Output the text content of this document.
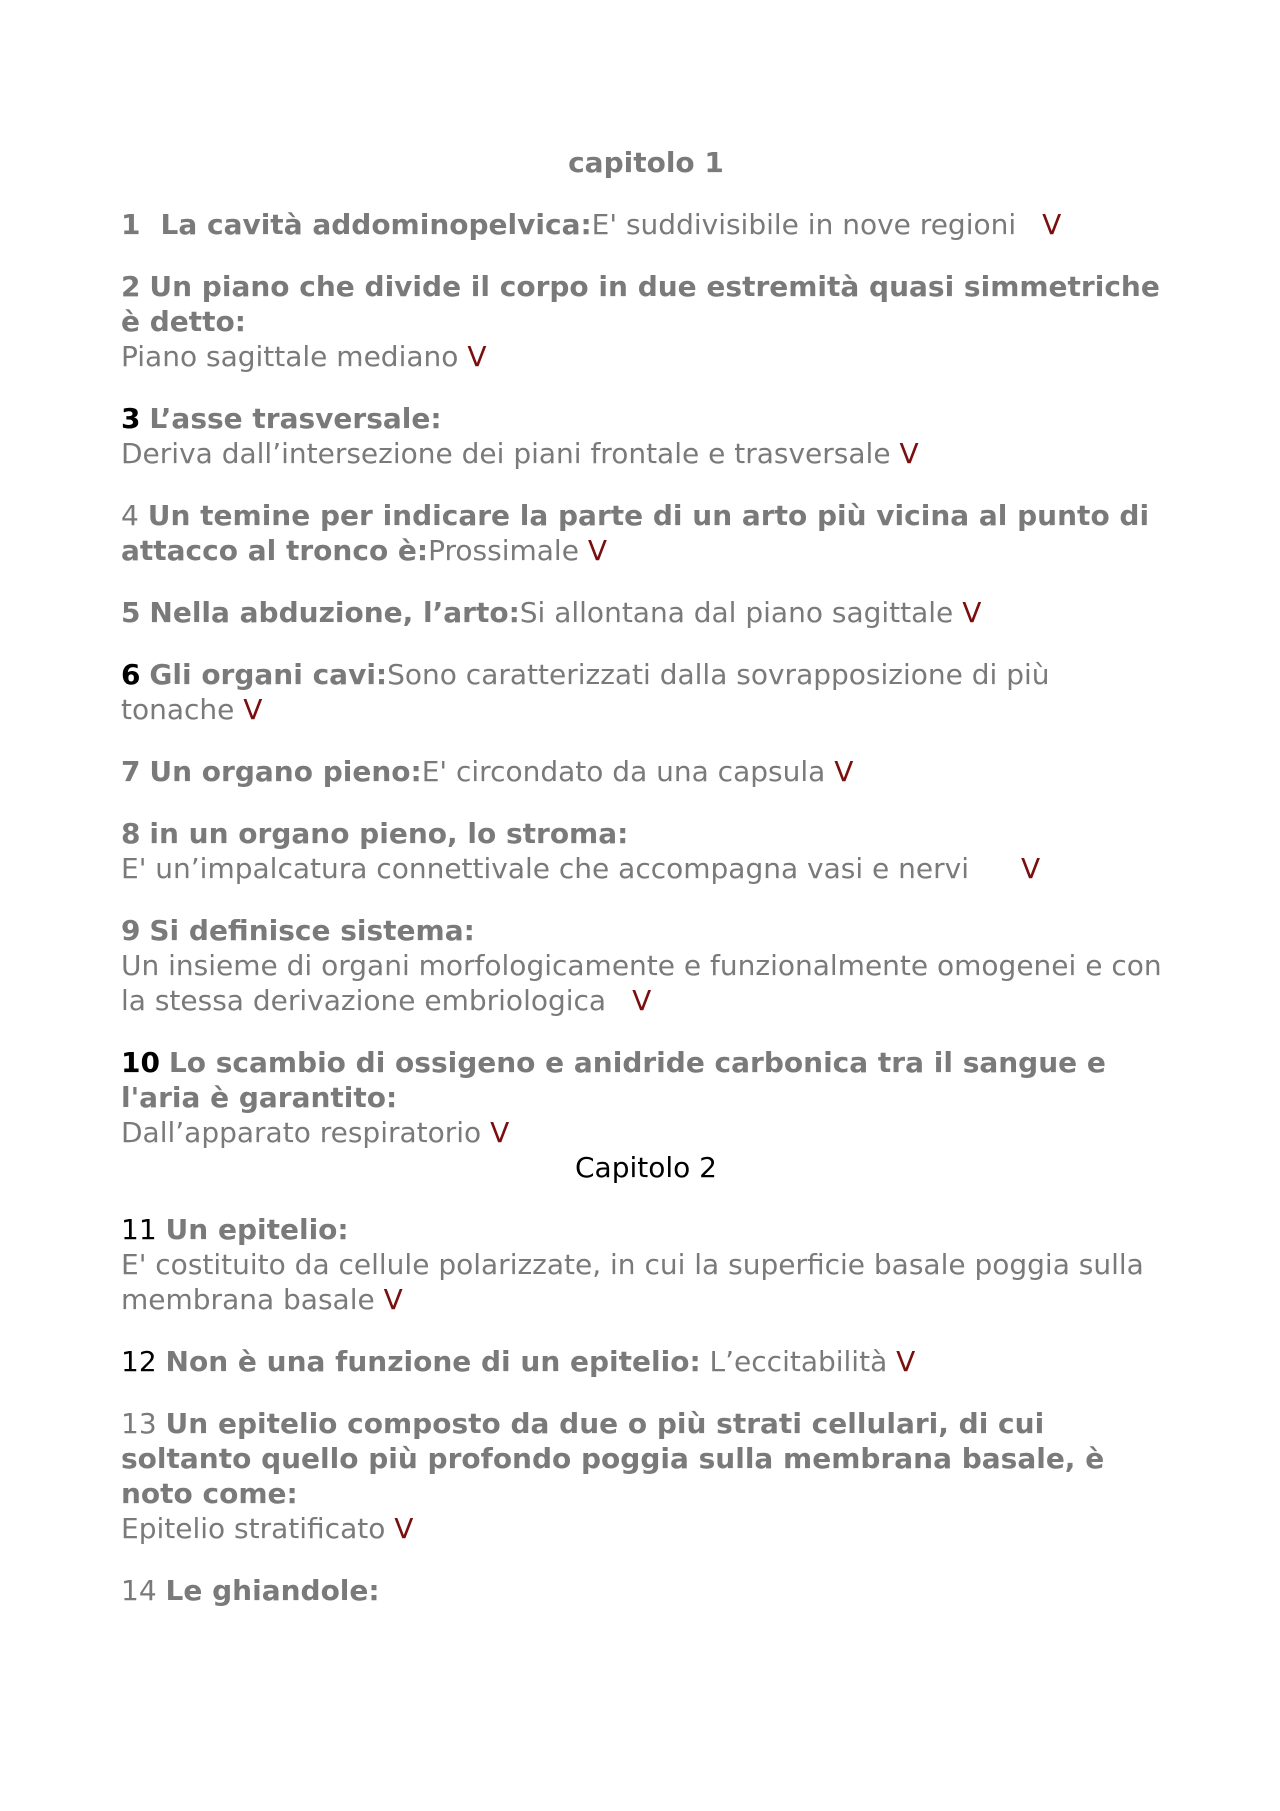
capitolo 1
1 La cavità addominopelvica:E' suddivisibile in nove regioni V
2 Un piano che divide il corpo in due estremità quasi simmetriche è detto:
Piano sagittale mediano V
3 L’asse trasversale:
Deriva dall’intersezione dei piani frontale e trasversale V
4 Un temine per indicare la parte di un arto più vicina al punto di attacco al tronco è:Prossimale V
5 Nella abduzione, l’arto:Si allontana dal piano sagittale V
6 Gli organi cavi:Sono caratterizzati dalla sovrapposizione di più tonache V
7 Un organo pieno:E' circondato da una capsula V
8 in un organo pieno, lo stroma:
E' un’impalcatura connettivale che accompagna vasi e nervi V
9 Si definisce sistema:
Un insieme di organi morfologicamente e funzionalmente omogenei e con la stessa derivazione embriologica V
10 Lo scambio di ossigeno e anidride carbonica tra il sangue e l'aria è garantito:
Dall’apparato respiratorio V
Capitolo 2
11 Un epitelio:
E' costituito da cellule polarizzate, in cui la superficie basale poggia sulla membrana basale V
12 Non è una funzione di un epitelio: L’eccitabilità V
13 Un epitelio composto da due o più strati cellulari, di cui soltanto quello più profondo poggia sulla membrana basale, è noto come:
Epitelio stratificato V
14 Le ghiandole:
